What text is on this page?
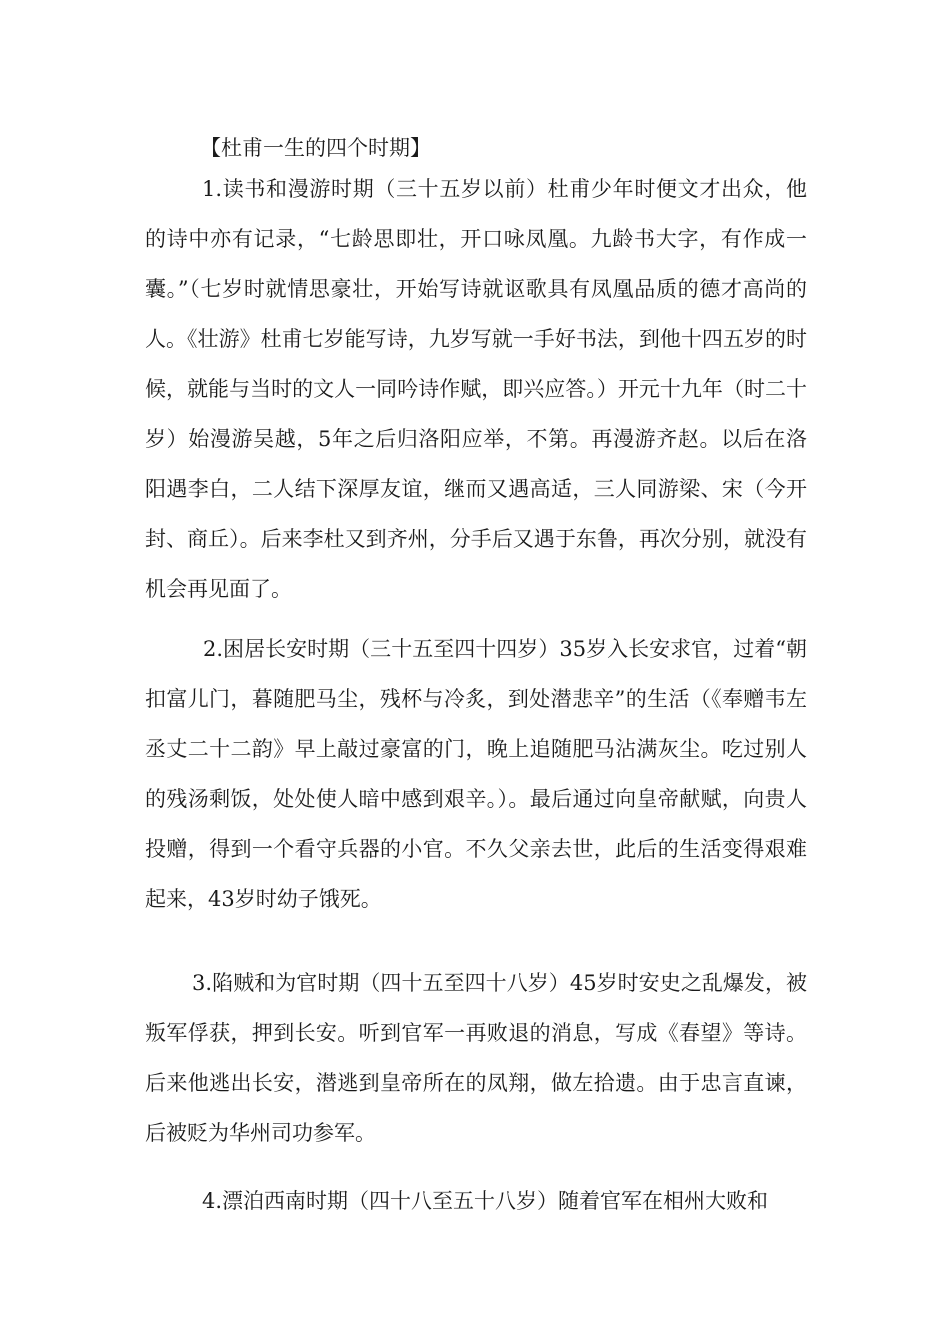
【杜甫一生的四个时期】

1.读书和漫游时期（三十五岁以前）杜甫少年时便文才出众，他的诗中亦有记录，“七龄思即壮，开口咏凤凰。九龄书大字，有作成一囊。”（七岁时就情思豪壮，开始写诗就讴歌具有凤凰品质的德才高尚的人。《壮游》杜甫七岁能写诗，九岁写就一手好书法，到他十四五岁的时候，就能与当时的文人一同吟诗作赋，即兴应答。）开元十九年（时二十岁）始漫游吴越，5年之后归洛阳应举，不第。再漫游齐赵。以后在洛阳遇李白，二人结下深厚友谊，继而又遇高适，三人同游梁、宋（今开封、商丘）。后来李杜又到齐州，分手后又遇于东鲁，再次分别，就没有机会再见面了。

2.困居长安时期（三十五至四十四岁）35岁入长安求官，过着“朝扣富儿门，暮随肥马尘，残杯与冷炙，到处潜悲辛”的生活（《奉赠韦左丞丈二十二韵》早上敲过豪富的门，晚上追随肥马沾满灰尘。吃过别人的残汤剩饭，处处使人暗中感到艰辛。）。最后通过向皇帝献赋，向贵人投赠，得到一个看守兵器的小官。不久父亲去世，此后的生活变得艰难起来，43岁时幼子饿死。

3.陷贼和为官时期（四十五至四十八岁）45岁时安史之乱爆发，被叛军俘获，押到长安。听到官军一再败退的消息，写成《春望》等诗。后来他逃出长安，潜逃到皇帝所在的凤翔，做左拾遗。由于忠言直谏，后被贬为华州司功参军。

4.漂泊西南时期（四十八至五十八岁）随着官军在相州大败和
